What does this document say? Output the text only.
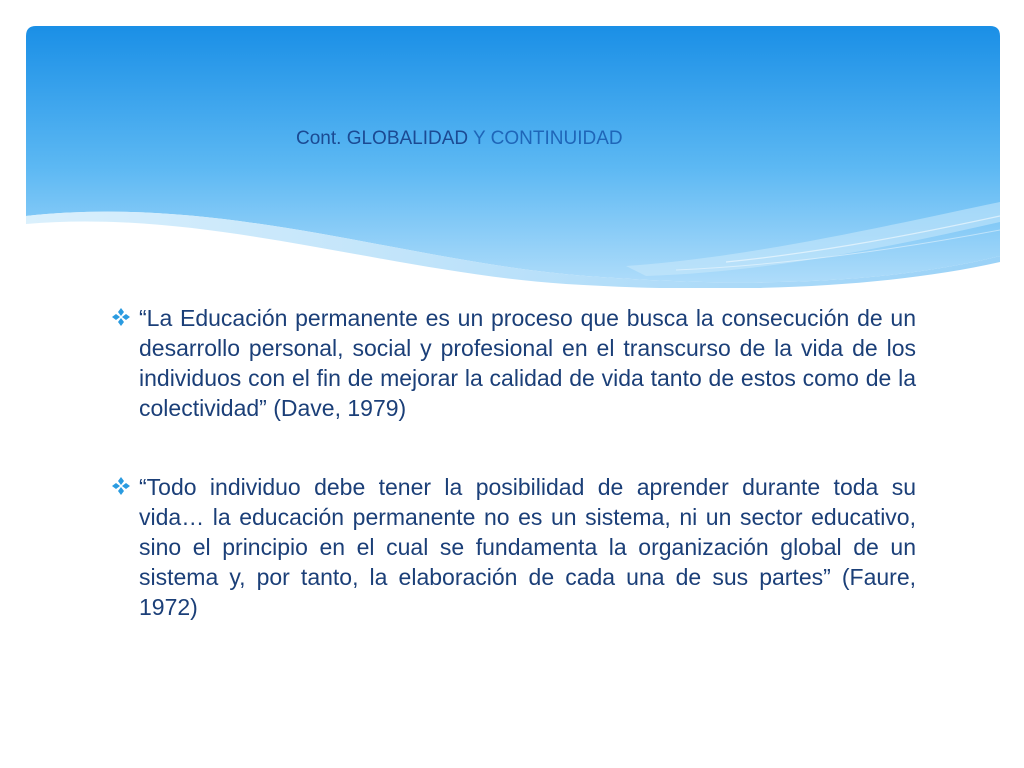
Cont. GLOBALIDAD Y CONTINUIDAD
“La Educación permanente es un proceso que busca la consecución de un desarrollo personal, social y profesional en el transcurso de la vida de los individuos con el fin de mejorar la calidad de vida tanto de estos como de la colectividad” (Dave, 1979)
“Todo individuo debe tener la posibilidad de aprender durante toda su vida… la educación permanente no es un sistema, ni un sector educativo, sino el principio en el cual se fundamenta la organización global de un sistema y, por tanto, la elaboración de cada una de sus partes” (Faure, 1972)
